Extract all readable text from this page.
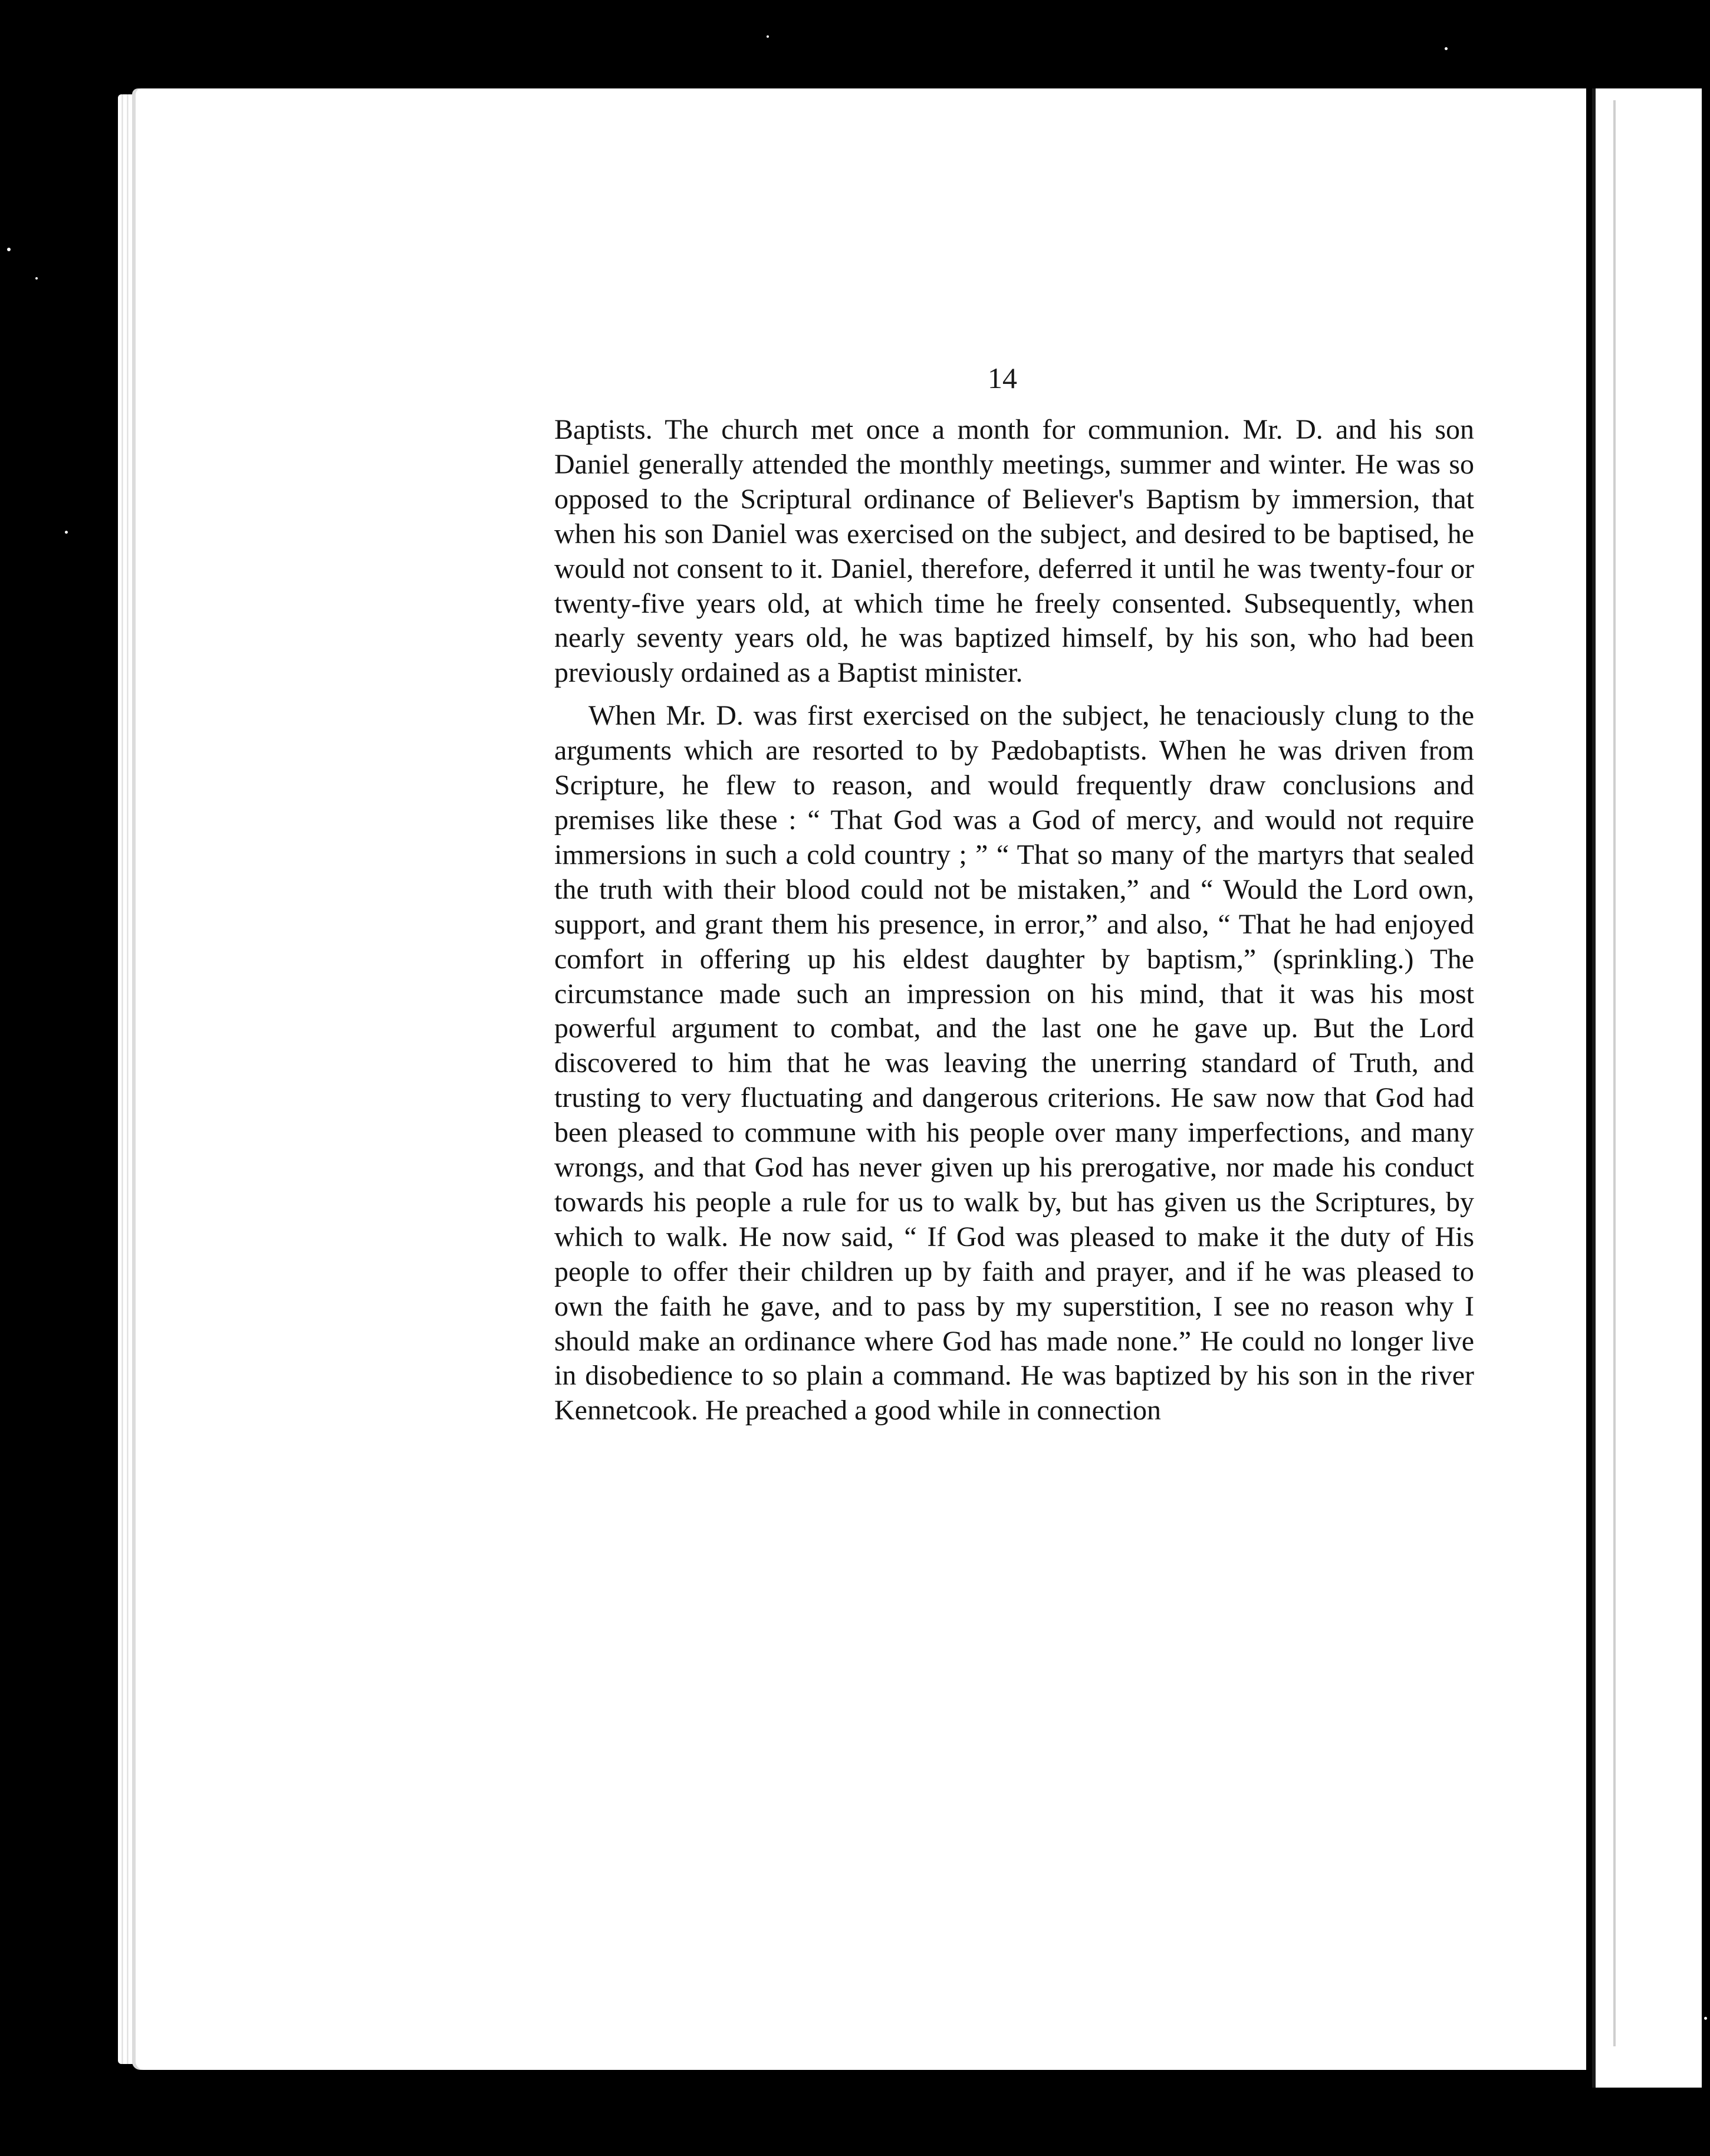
14

Baptists. The church met once a month for communion. Mr. D. and his son Daniel generally attended the monthly meetings, summer and winter. He was so opposed to the Scriptural ordinance of Believer's Baptism by immersion, that when his son Daniel was exercised on the subject, and desired to be baptised, he would not consent to it. Daniel, therefore, deferred it until he was twenty-four or twenty-five years old, at which time he freely consented. Subsequently, when nearly seventy years old, he was baptized himself, by his son, who had been previously ordained as a Baptist minister.

When Mr. D. was first exercised on the subject, he tenaciously clung to the arguments which are resorted to by Pædobaptists. When he was driven from Scripture, he flew to reason, and would frequently draw conclusions and premises like these : “ That God was a God of mercy, and would not require immersions in such a cold country ; ” “ That so many of the martyrs that sealed the truth with their blood could not be mistaken,” and “ Would the Lord own, support, and grant them his presence, in error,” and also, “ That he had enjoyed comfort in offering up his eldest daughter by baptism,” (sprinkling.) The circumstance made such an impression on his mind, that it was his most powerful argument to combat, and the last one he gave up. But the Lord discovered to him that he was leaving the unerring standard of Truth, and trusting to very fluctuating and dangerous criterions. He saw now that God had been pleased to commune with his people over many imperfections, and many wrongs, and that God has never given up his prerogative, nor made his conduct towards his people a rule for us to walk by, but has given us the Scriptures, by which to walk. He now said, “ If God was pleased to make it the duty of His people to offer their children up by faith and prayer, and if he was pleased to own the faith he gave, and to pass by my superstition, I see no reason why I should make an ordinance where God has made none.” He could no longer live in disobedience to so plain a command. He was baptized by his son in the river Kennetcook. He preached a good while in connection
